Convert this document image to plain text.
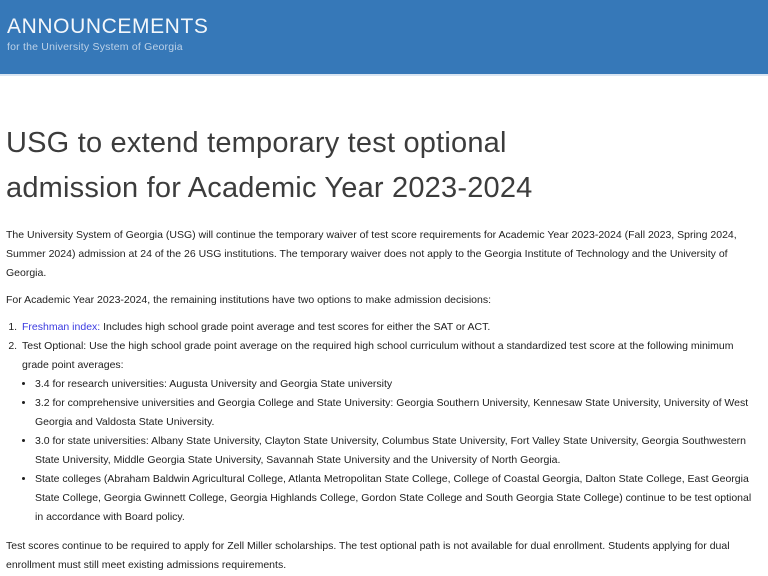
ANNOUNCEMENTS
for the University System of Georgia
USG to extend temporary test optional admission for Academic Year 2023-2024

The University System of Georgia (USG) will continue the temporary waiver of test score requirements for Academic Year 2023-2024 (Fall 2023, Spring 2024, Summer 2024) admission at 24 of the 26 USG institutions. The temporary waiver does not apply to the Georgia Institute of Technology and the University of Georgia.

For Academic Year 2023-2024, the remaining institutions have two options to make admission decisions:

1. Freshman index: Includes high school grade point average and test scores for either the SAT or ACT.
2. Test Optional: Use the high school grade point average on the required high school curriculum without a standardized test score at the following minimum grade point averages:
• 3.4 for research universities: Augusta University and Georgia State university
• 3.2 for comprehensive universities and Georgia College and State University: Georgia Southern University, Kennesaw State University, University of West Georgia and Valdosta State University.
• 3.0 for state universities: Albany State University, Clayton State University, Columbus State University, Fort Valley State University, Georgia Southwestern State University, Middle Georgia State University, Savannah State University and the University of North Georgia.
• State colleges (Abraham Baldwin Agricultural College, Atlanta Metropolitan State College, College of Coastal Georgia, Dalton State College, East Georgia State College, Georgia Gwinnett College, Georgia Highlands College, Gordon State College and South Georgia State College) continue to be test optional in accordance with Board policy.

Test scores continue to be required to apply for Zell Miller scholarships. The test optional path is not available for dual enrollment. Students applying for dual enrollment must still meet existing admissions requirements.
